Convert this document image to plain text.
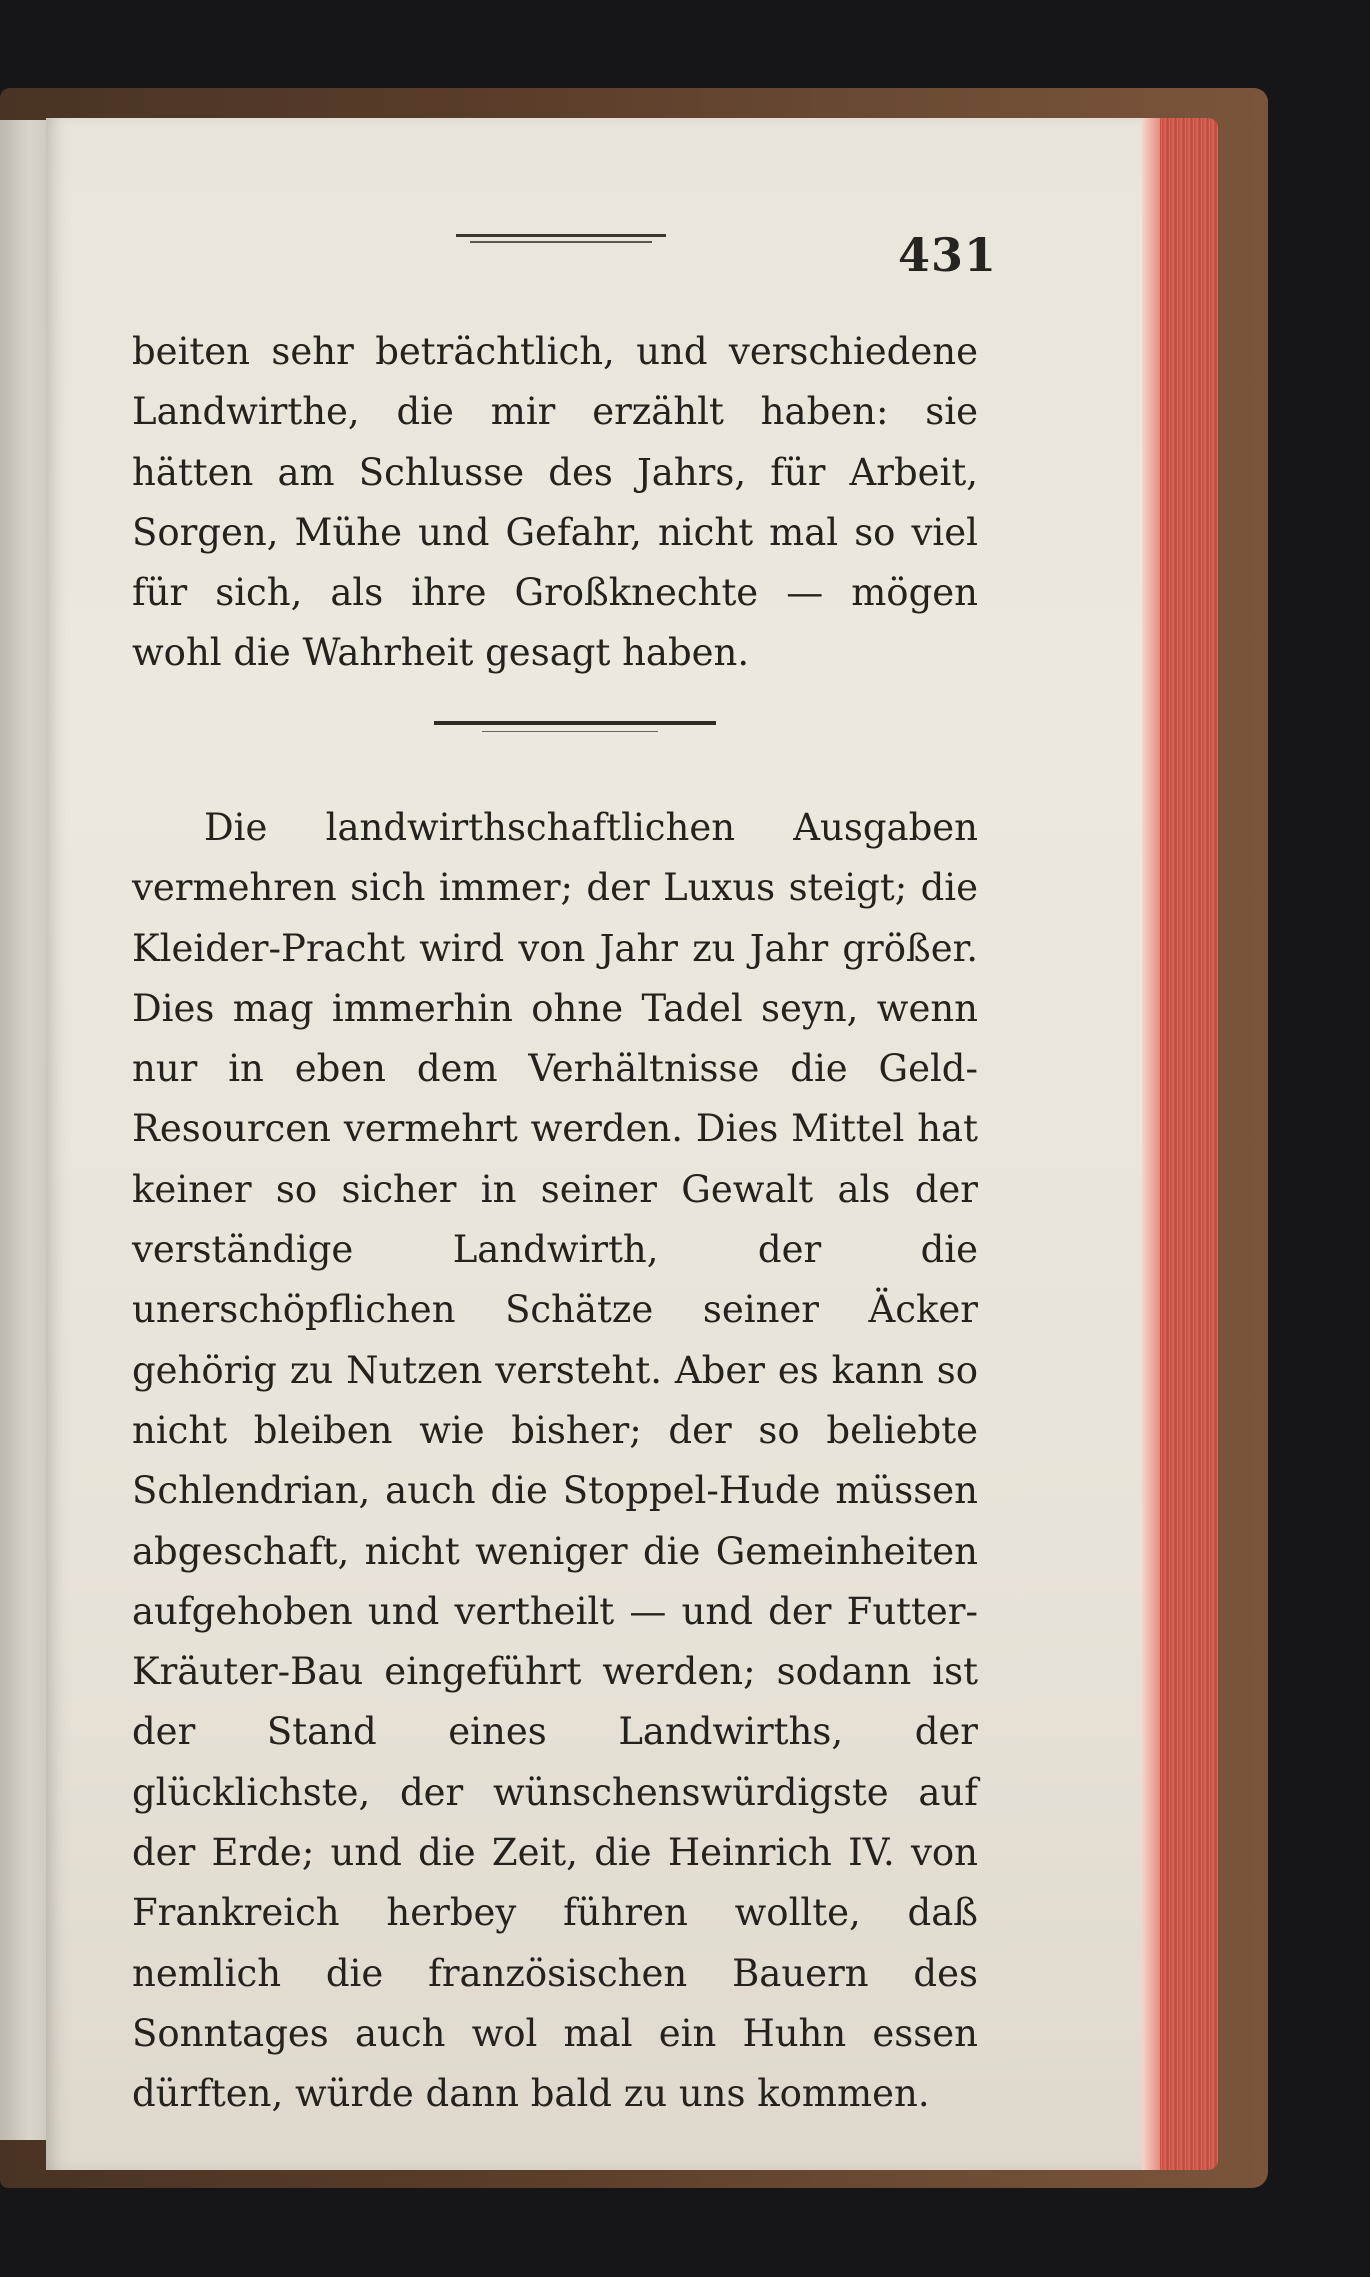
431

beiten sehr beträchtlich, und verschiedene Landwirthe, die mir erzählt haben: sie hätten am Schlusse des Jahrs, für Arbeit, Sorgen, Mühe und Gefahr, nicht mal so viel für sich, als ihre Großknechte — mögen wohl die Wahrheit gesagt haben.

Die landwirthschaftlichen Ausgaben vermehren sich immer; der Luxus steigt; die Kleider-Pracht wird von Jahr zu Jahr größer. Dies mag immerhin ohne Tadel seyn, wenn nur in eben dem Verhältnisse die Geld-Resourcen vermehrt werden. Dies Mittel hat keiner so sicher in seiner Gewalt als der verständige Landwirth, der die unerschöpflichen Schätze seiner Äcker gehörig zu Nutzen versteht. Aber es kann so nicht bleiben wie bisher; der so beliebte Schlendrian, auch die Stoppel-Hude müssen abgeschaft, nicht weniger die Gemeinheiten aufgehoben und vertheilt — und der Futter-Kräuter-Bau eingeführt werden; sodann ist der Stand eines Landwirths, der glücklichste, der wünschenswürdigste auf der Erde; und die Zeit, die Heinrich IV. von Frankreich herbey führen wollte, daß nemlich die französischen Bauern des Sonntages auch wol mal ein Huhn essen dürften, würde dann bald zu uns kommen.
